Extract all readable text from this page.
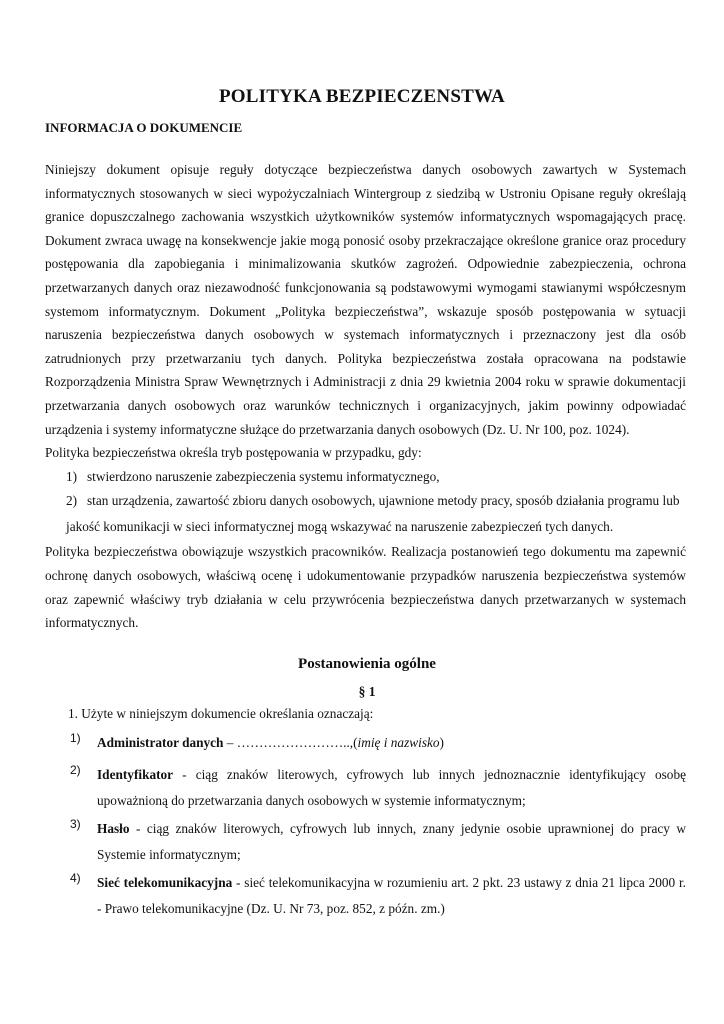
POLITYKA BEZPIECZENSTWA
INFORMACJA O DOKUMENCIE

Niniejszy dokument opisuje reguły dotyczące bezpieczeństwa danych osobowych zawartych w Systemach informatycznych stosowanych w sieci wypożyczalniach Wintergroup z siedzibą w Ustroniu Opisane reguły określają granice dopuszczalnego zachowania wszystkich użytkowników systemów informatycznych wspomagających pracę. Dokument zwraca uwagę na konsekwencje jakie mogą ponosić osoby przekraczające określone granice oraz procedury postępowania dla zapobiegania i minimalizowania skutków zagrożeń. Odpowiednie zabezpieczenia, ochrona przetwarzanych danych oraz niezawodność funkcjonowania są podstawowymi wymogami stawianymi współczesnym systemom informatycznym. Dokument „Polityka bezpieczeństwa”, wskazuje sposób postępowania w sytuacji naruszenia bezpieczeństwa danych osobowych w systemach informatycznych i przeznaczony jest dla osób zatrudnionych przy przetwarzaniu tych danych. Polityka bezpieczeństwa została opracowana na podstawie Rozporządzenia Ministra Spraw Wewnętrznych i Administracji z dnia 29 kwietnia 2004 roku w sprawie dokumentacji przetwarzania danych osobowych oraz warunków technicznych i organizacyjnych, jakim powinny odpowiadać urządzenia i systemy informatyczne służące do przetwarzania danych osobowych (Dz. U. Nr 100, poz. 1024).

Polityka bezpieczeństwa określa tryb postępowania w przypadku, gdy:

1) stwierdzono naruszenie zabezpieczenia systemu informatycznego,
2) stan urządzenia, zawartość zbioru danych osobowych, ujawnione metody pracy, sposób działania programu lub
jakość komunikacji w sieci informatycznej mogą wskazywać na naruszenie zabezpieczeń tych danych.

Polityka bezpieczeństwa obowiązuje wszystkich pracowników. Realizacja postanowień tego dokumentu ma zapewnić ochronę danych osobowych, właściwą ocenę i udokumentowanie przypadków naruszenia bezpieczeństwa systemów oraz zapewnić właściwy tryb działania w celu przywrócenia bezpieczeństwa danych przetwarzanych w systemach informatycznych.

Postanowienia ogólne
§ 1
1. Użyte w niniejszym dokumencie określania oznaczają:
1)	Administrator danych – ……………………..,(imię i nazwisko)
2)	Identyfikator - ciąg znaków literowych, cyfrowych lub innych jednoznacznie identyfikujący osobę upoważnioną do przetwarzania danych osobowych w systemie informatycznym;
3)	Hasło - ciąg znaków literowych, cyfrowych lub innych, znany jedynie osobie uprawnionej do pracy w Systemie informatycznym;
4)	Sieć telekomunikacyjna - sieć telekomunikacyjna w rozumieniu art. 2 pkt. 23 ustawy z dnia 21 lipca 2000 r. - Prawo telekomunikacyjne (Dz. U. Nr 73, poz. 852, z późn. zm.)
